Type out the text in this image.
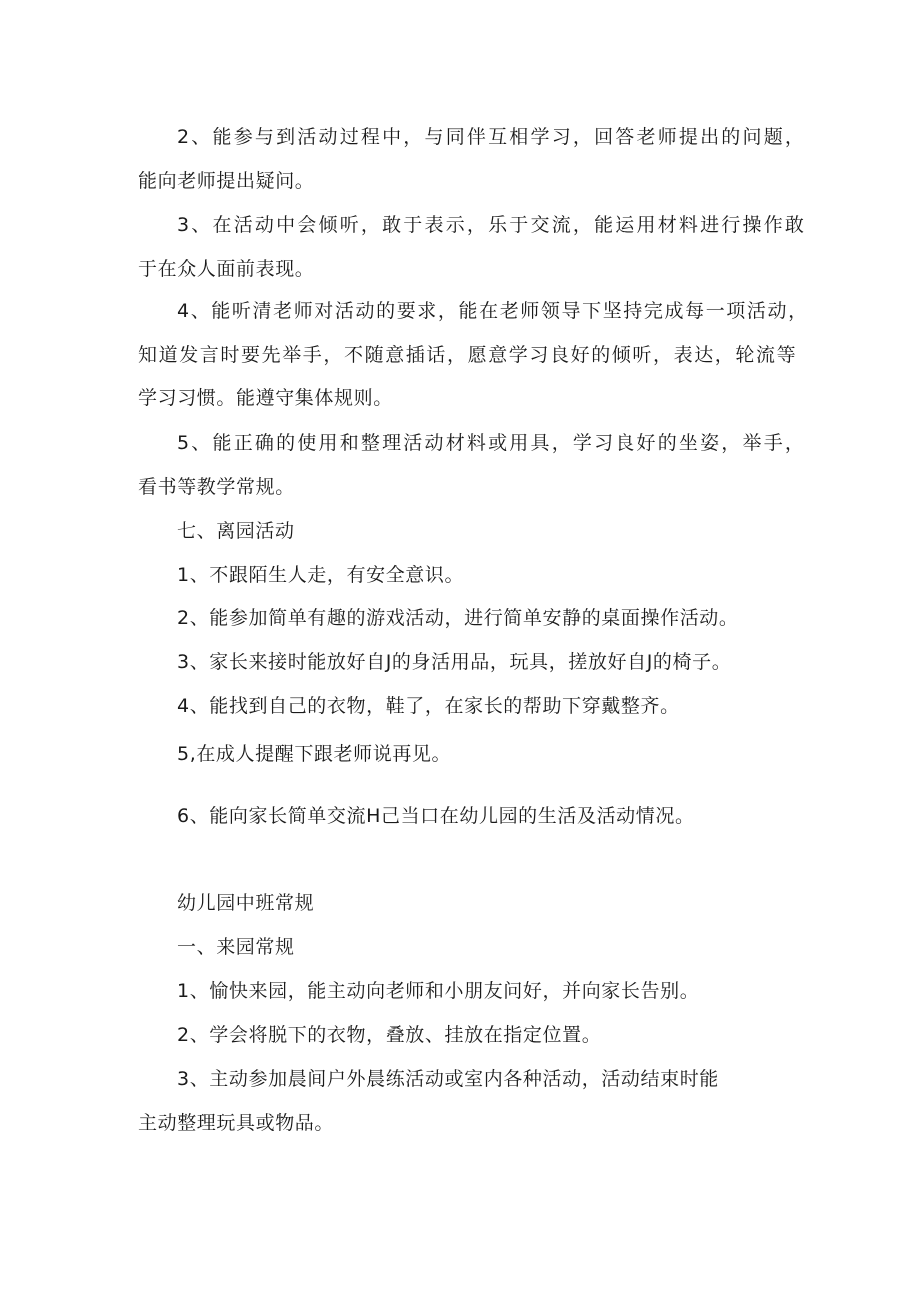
2、能参与到活动过程中，与同伴互相学习，回答老师提出的问题，

能向老师提出疑问。

3、在活动中会倾听，敢于表示，乐于交流，能运用材料进行操作敢

于在众人面前表现。

4、能听清老师对活动的要求，能在老师领导下坚持完成每一项活动，

知道发言时要先举手，不随意插话，愿意学习良好的倾听，表达，轮流等

学习习惯。能遵守集体规则。

5、能正确的使用和整理活动材料或用具，学习良好的坐姿，举手，

看书等教学常规。

七、离园活动

1、不跟陌生人走，有安全意识。

2、能参加简单有趣的游戏活动，进行简单安静的桌面操作活动。

3、家长来接时能放好自J的身活用品，玩具，搓放好自J的椅子。

4、能找到自己的衣物，鞋了，在家长的帮助下穿戴整齐。

5,在成人提醒下跟老师说再见。

6、能向家长简单交流H己当口在幼儿园的生活及活动情况。

幼儿园中班常规

一、来园常规

1、愉快来园，能主动向老师和小朋友问好，并向家长告别。

2、学会将脱下的衣物，叠放、挂放在指定位置。

3、主动参加晨间户外晨练活动或室内各种活动，活动结束时能

主动整理玩具或物品。
